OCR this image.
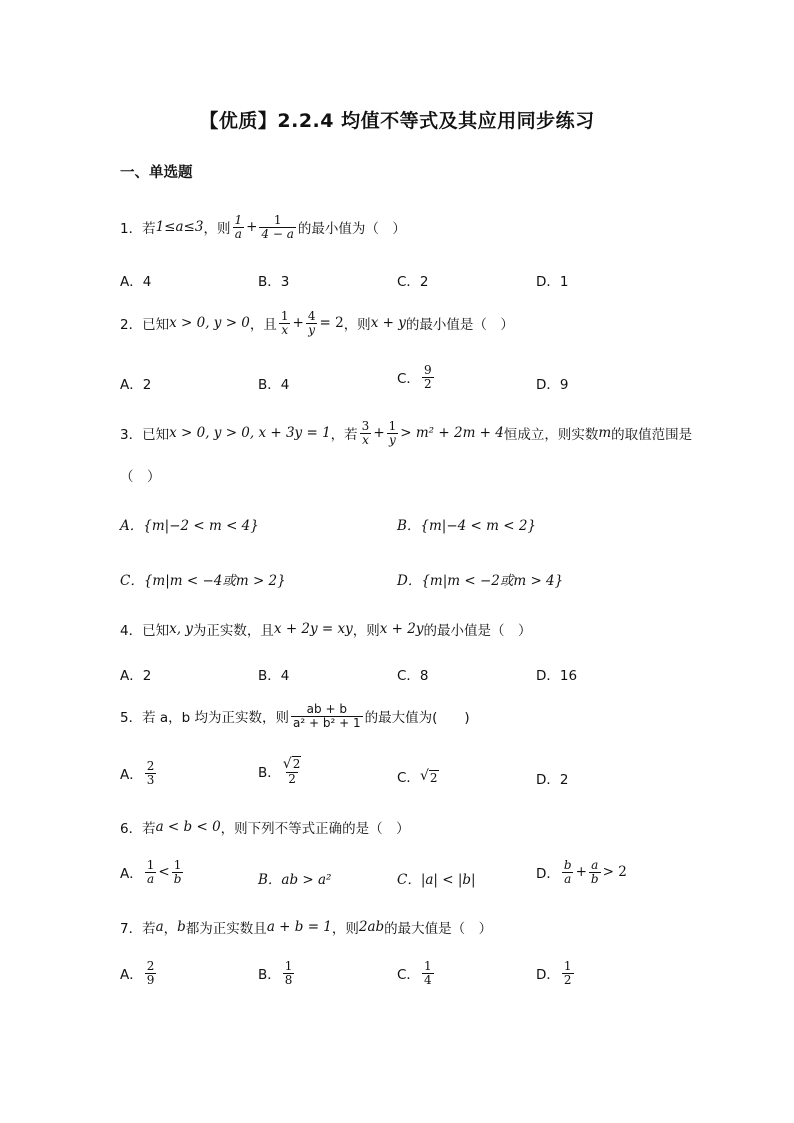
【优质】2.2.4 均值不等式及其应用同步练习
一、单选题
1．若 1≤a≤3 ，则 $\frac{1}{a} + \frac{1}{4 - a}$ 的最小值为（　）
A．4	B．3	C．2	D．1
2．已知 x > 0, y > 0 ，且 $\frac{1}{x} + \frac{4}{y} = 2$ ，则 x + y 的最小值是（　）
A．2	B．4	C． $\frac{9}{2}$	D．9
3．已知 x > 0, y > 0, x + 3y = 1 ，若 $\frac{3}{x} + \frac{1}{y} > m^2 + 2m + 4$ 恒成立，则实数 m 的取值范围是
（　）
A．{m|−2 < m < 4}	B．{m|−4 < m < 2}
C．{m|m < −4或m > 2}	D．{m|m < −2或m > 4}
4．已知 x, y 为正实数，且 x + 2y = xy ，则 x + 2y 的最小值是（　）
A．2	B．4	C．8	D．16
5．若 a，b 均为正实数，则 $\frac{ab + b}{\text{a² + b² + 1}}$ 的最大值为(　　)
A． $\frac{2}{3}$	B． $\frac{√2}{2}$	C． √ 2	D．2
6．若 a < b < 0 ，则下列不等式正确的是（　）
A． $\frac{1}{a} < \frac{1}{b}$	B．ab > a²	C．|a| < |b|	D． $\frac{b}{a} + \frac{a}{b} > 2$
7．若 a ， b 都为正实数且 a + b = 1 ，则 2ab 的最大值是（　）
A． $\frac{2}{9}$	B． $\frac{1}{8}$	C． $\frac{1}{4}$	D． $\frac{1}{2}$
